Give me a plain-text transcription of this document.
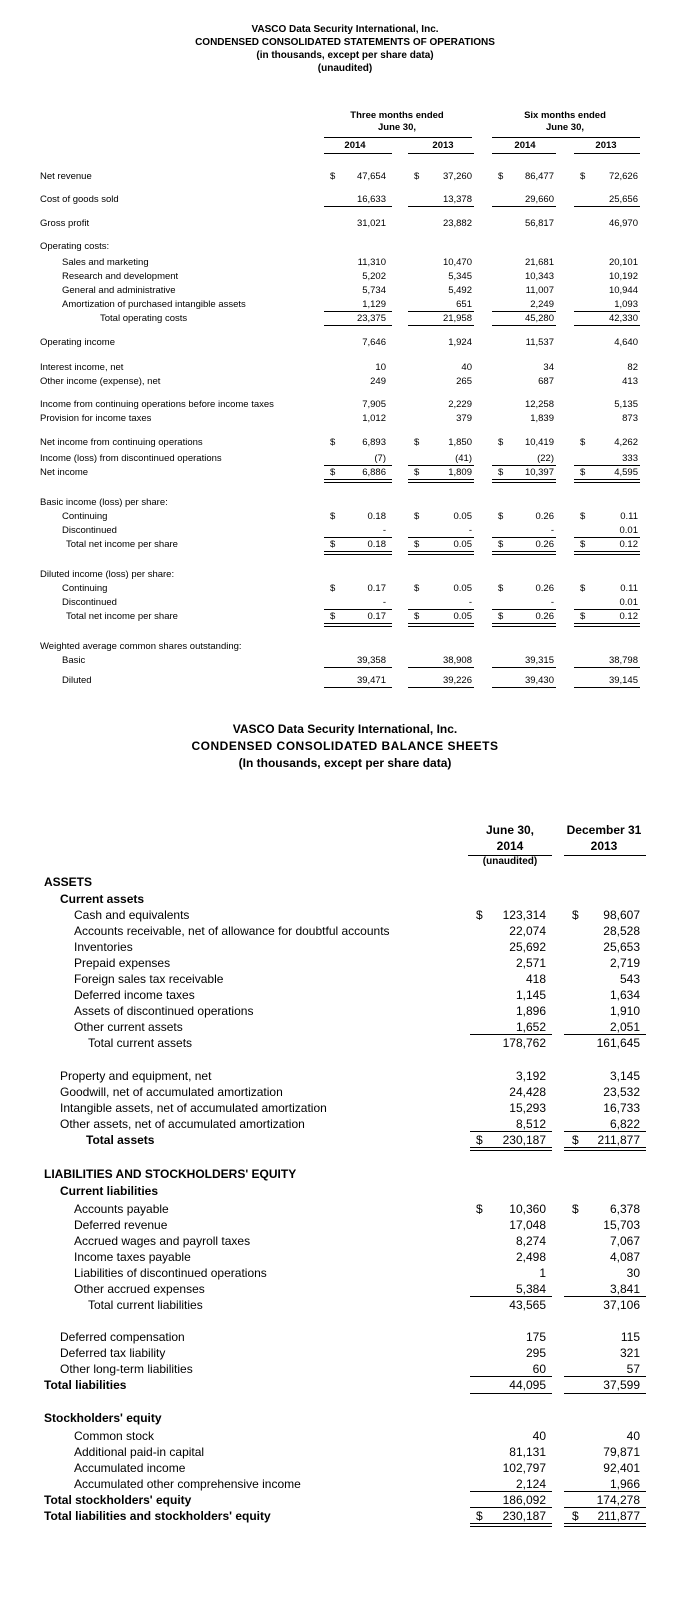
VASCO Data Security International, Inc.
CONDENSED CONSOLIDATED STATEMENTS OF OPERATIONS
(in thousands, except per share data)
(unaudited)
Three months ended
June 30,
Six months ended
June 30,
2014	2013	2014	2013
Net revenue	$	47,654	$	37,260	$	86,477	$	72,626
Cost of goods sold	16,633	13,378	29,660	25,656
Gross profit	31,021	23,882	56,817	46,970
Operating costs:
Sales and marketing	11,310	10,470	21,681	20,101
Research and development	5,202	5,345	10,343	10,192
General and administrative	5,734	5,492	11,007	10,944
Amortization of purchased intangible assets	1,129	651	2,249	1,093
Total operating costs	23,375	21,958	45,280	42,330
Operating income	7,646	1,924	11,537	4,640
Interest income, net	10	40	34	82
Other income (expense), net	249	265	687	413
Income from continuing operations before income taxes	7,905	2,229	12,258	5,135
Provision for income taxes	1,012	379	1,839	873
Net income from continuing operations	$	6,893	$	1,850	$	10,419	$	4,262
Income (loss) from discontinued operations	(7)	(41)	(22)	333
Net income	$	6,886	$	1,809	$	10,397	$	4,595
Basic income (loss) per share:
Continuing	$	0.18	$	0.05	$	0.26	$	0.11
Discontinued	-	-	-	0.01
Total net income per share	$	0.18	$	0.05	$	0.26	$	0.12
Diluted income (loss) per share:
Continuing	$	0.17	$	0.05	$	0.26	$	0.11
Discontinued	-	-	-	0.01
Total net income per share	$	0.17	$	0.05	$	0.26	$	0.12
Weighted average common shares outstanding:
Basic	39,358	38,908	39,315	38,798
Diluted	39,471	39,226	39,430	39,145
VASCO Data Security International, Inc.
CONDENSED CONSOLIDATED BALANCE SHEETS
(In thousands, except per share data)
June 30,
2014
(unaudited)
December 31
2013
ASSETS
Current assets
Cash and equivalents	$	123,314 $	98,607
Accounts receivable, net of allowance for doubtful accounts	22,074	28,528
Inventories	25,692	25,653
Prepaid expenses	2,571	2,719
Foreign sales tax receivable	418	543
Deferred income taxes	1,145	1,634
Assets of discontinued operations	1,896	1,910
Other current assets	1,652	2,051
Total current assets	178,762	161,645
Property and equipment, net	3,192	3,145
Goodwill, net of accumulated amortization	24,428	23,532
Intangible assets, net of accumulated amortization	15,293	16,733
Other assets, net of accumulated amortization	8,512	6,822
Total assets	$	230,187 $	211,877
LIABILITIES AND STOCKHOLDERS' EQUITY
Current liabilities
Accounts payable	$	10,360 $	6,378
Deferred revenue	17,048	15,703
Accrued wages and payroll taxes	8,274	7,067
Income taxes payable	2,498	4,087
Liabilities of discontinued operations	1	30
Other accrued expenses	5,384	3,841
Total current liabilities	43,565	37,106
Deferred compensation	175	115
Deferred tax liability	295	321
Other long-term liabilities	60	57
Total liabilities	44,095	37,599
Stockholders' equity
Common stock	40	40
Additional paid-in capital	81,131	79,871
Accumulated income	102,797	92,401
Accumulated other comprehensive income	2,124	1,966
Total stockholders' equity	186,092	174,278
Total liabilities and stockholders' equity	$	230,187 $	211,877
